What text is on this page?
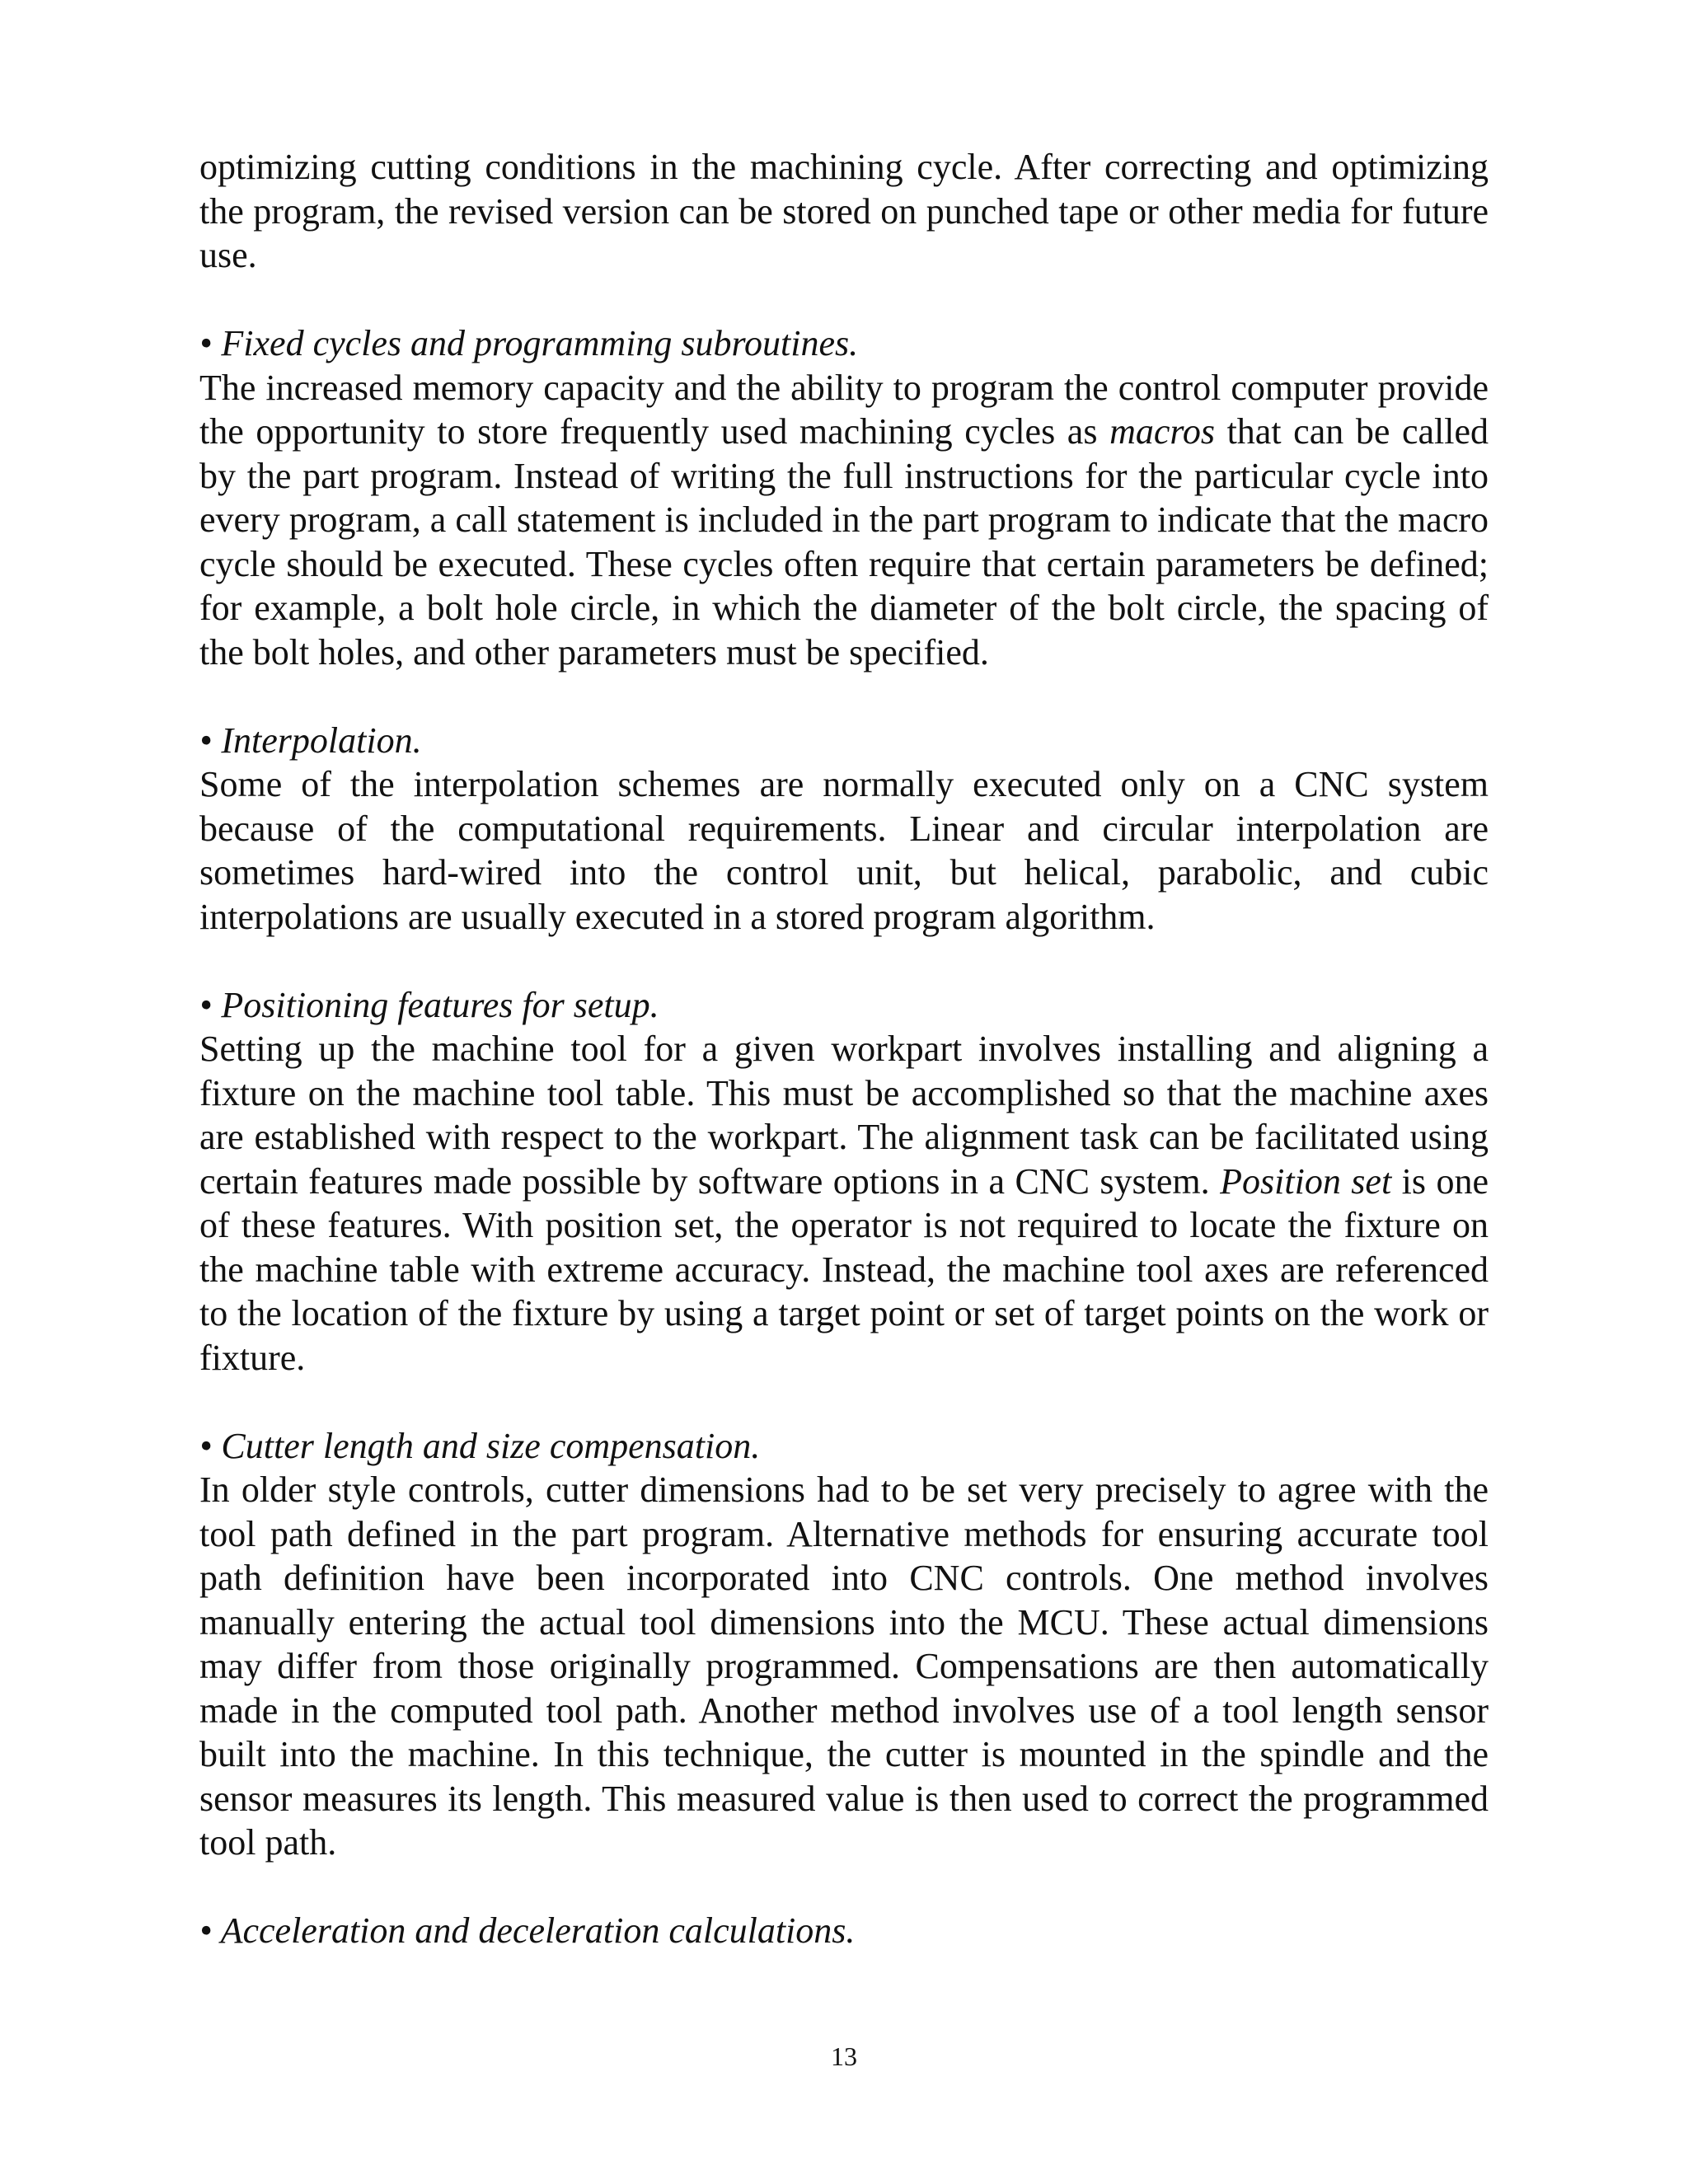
optimizing cutting conditions in the machining cycle. After correcting and optimizing the program, the revised version can be stored on punched tape or other media for future use.

• Fixed cycles and programming subroutines.

The increased memory capacity and the ability to program the control computer provide the opportunity to store frequently used machining cycles as macros that can be called by the part program. Instead of writing the full instructions for the particular cycle into every program, a call statement is included in the part program to indicate that the macro cycle should be executed. These cycles often require that certain parameters be defined; for example, a bolt hole circle, in which the diameter of the bolt circle, the spacing of the bolt holes, and other parameters must be specified.

• Interpolation.

Some of the interpolation schemes are normally executed only on a CNC system because of the computational requirements. Linear and circular interpolation are sometimes hard-wired into the control unit, but helical, parabolic, and cubic interpolations are usually executed in a stored program algorithm.

• Positioning features for setup.

Setting up the machine tool for a given workpart involves installing and aligning a fixture on the machine tool table. This must be accomplished so that the machine axes are established with respect to the workpart. The alignment task can be facilitated using certain features made possible by software options in a CNC system. Position set is one of these features. With position set, the operator is not required to locate the fixture on the machine table with extreme accuracy. Instead, the machine tool axes are referenced to the location of the fixture by using a target point or set of target points on the work or fixture.

• Cutter length and size compensation.

In older style controls, cutter dimensions had to be set very precisely to agree with the tool path defined in the part program. Alternative methods for ensuring accurate tool path definition have been incorporated into CNC controls. One method involves manually entering the actual tool dimensions into the MCU. These actual dimensions may differ from those originally programmed. Compensations are then automatically made in the computed tool path. Another method involves use of a tool length sensor built into the machine. In this technique, the cutter is mounted in the spindle and the sensor measures its length. This measured value is then used to correct the programmed tool path.

• Acceleration and deceleration calculations.

13
